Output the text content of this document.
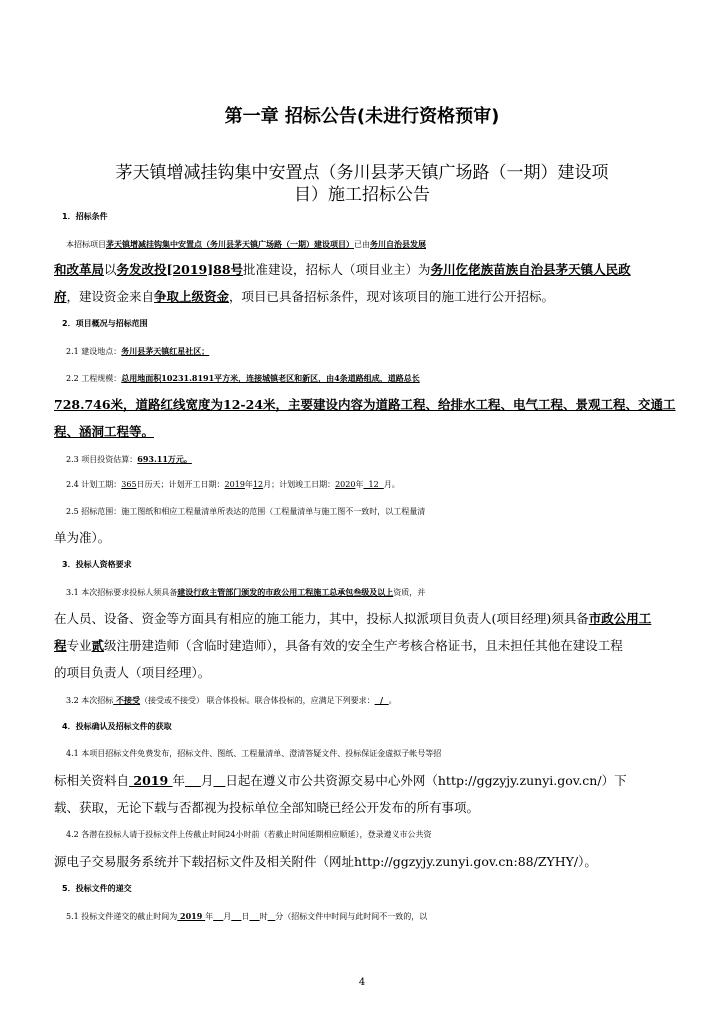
第一章 招标公告(未进行资格预审)
茅天镇增减挂钩集中安置点（务川县茅天镇广场路（一期）建设项
目）施工招标公告
1．招标条件
本招标项目茅天镇增减挂钩集中安置点（务川县茅天镇广场路（一期）建设项目）已由务川自治县发展
和改革局以务发改投[2019]88号批准建设，招标人（项目业主）为务川仡佬族苗族自治县茅天镇人民政
府，建设资金来自争取上级资金，项目已具备招标条件，现对该项目的施工进行公开招标。
2．项目概况与招标范围
2.1 建设地点：务川县茅天镇红星社区；
2.2 工程规模：总用地面积10231.8191平方米，连接城镇老区和新区，由4条道路组成，道路总长
728.746米，道路红线宽度为12-24米，主要建设内容为道路工程、给排水工程、电气工程、景观工程、交通工
程、涵洞工程等。
2.3 项目投资估算：693.11万元。
2.4 计划工期：365日历天；计划开工日期：2019年12月；计划竣工日期：2020年  12  月。
2.5 招标范围：施工图纸和相应工程量清单所表达的范围（工程量清单与施工图不一致时，以工程量清
单为准）。
3．投标人资格要求
3.1 本次招标要求投标人须具备建设行政主管部门颁发的市政公用工程施工总承包叁级及以上资质，并
在人员、设备、资金等方面具有相应的施工能力，其中，投标人拟派项目负责人(项目经理)须具备市政公用工
程专业贰级注册建造师（含临时建造师），具备有效的安全生产考核合格证书，且未担任其他在建设工程
的项目负责人（项目经理）。
3.2 本次招标 不接受（接受或不接受） 联合体投标。联合体投标的，应满足下列要求：  /  。
4．投标确认及招标文件的获取
4.1 本项目招标文件免费发布，招标文件、图纸、工程量清单、澄清答疑文件、投标保证金虚拟子帐号等招
标相关资料自 2019 年 月 日起在遵义市公共资源交易中心外网（http://ggzyjy.zunyi.gov.cn/）下
载、获取，无论下载与否都视为投标单位全部知晓已经公开发布的所有事项。
4.2 各潜在投标人请于投标文件上传截止时间24小时前（若截止时间延期相应顺延），登录遵义市公共资
源电子交易服务系统并下载招标文件及相关附件（网址http://ggzyjy.zunyi.gov.cn:88/ZYHY/）。
5．投标文件的递交
5.1 投标文件递交的截止时间为 2019 年 月 日 时 分（招标文件中时间与此时间不一致的，以
4
